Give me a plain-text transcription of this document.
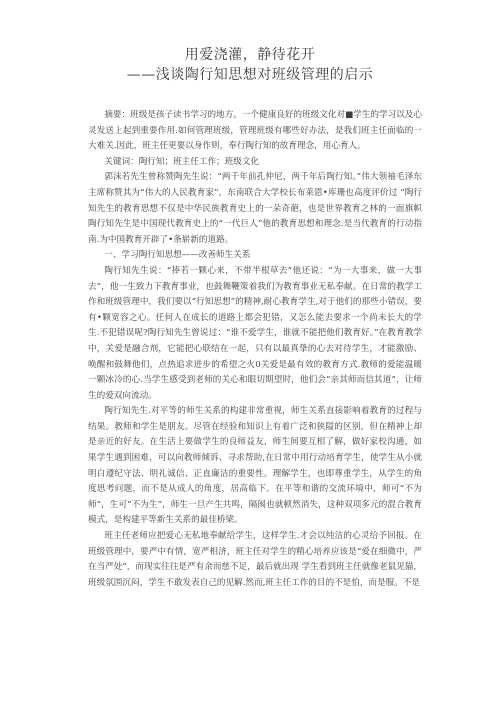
用爱浇灌，静待花开
——浅谈陶行知思想对班级管理的启示

摘要：班级是孩子读书学习的地方。一个健康良好的班级文化对■学生的学习以及心灵发送上起到重要作用.如何管理班级，管理班级有哪些好办法，是我们班主任面临的一大难关.因此，班主任更要以身作则，奉行陶行知的故育理念，用心育人。

关键词：陶行知；班主任工作；班级文化

郭沫若先生曾称赞陶先生说：“两千年前孔仲尼，两千年后陶行知。”伟大领袖毛泽东主席称赞其为“伟大的人民教育家”，东南联合大学校长布莱恩•库珊也高度评价过 “陶行知先生的教育思想不仅是中华民族教育史上的一朵奇葩，也是世界教育之林的一面旗帜陶行知先生是中国现代教育史上的“一代巨人”他的教育思想和理念.是当代教育的行动指南.为中国教育开辟了•条崭新的道路。

一、学习陶行知思想——改善师生关系

陶行知先生说：“捧若一颗心来，不带半根草去”他还说：“为一大事来，做一大事去”，他一生致力下教育事业，也鼓舞鞭策着我们为教育事业无私奉献。在日常的教学工作和班级管理中，我们要以“行知思想”的精神,耐心教育学生,对于他们的那些小错误，要有•颗宽容之心。任何人在成长的道路上都会犯错，又怎么能去要求一个尚未长大的学生.不犯错误呢?陶行知先生曾说过：“谁不爱学生，谁就不能把他们教育好。”在教育教学中，关爱是融合剂，它能把心联结在一起，只有以最真挚的心去对待学生，才能激励、唤醒和鼓舞他们，点热追求进步的希望之火0关爱是最有效的教育方式.教师的爱能温暖一颗冰冷的心.当学生感受到老师的关心和眼切期望时，他们会“亲其师而信其道”，让师生的爱双向流动。

陶行知先生.对平等的师生关系的构建非常重视，师生关系直接影响着教育的过程与结果。教师和学生是朋友。尽管在经验和知识上有着广泛和狭隘的区别，但在精神上却是亲近的好友。在生活上要做学生的良师益友，师生间要互相了解，做好家校沟通，如果学生遇到困难，可以向教师倾诉、寻求帮助,在日常中用行动培育学生，使学生从小就明白遵纪守法、明礼诚信、正直廉洁的重要性。理解学生，也即尊重学生，从学生的角度思考问题，而不是从成人的角度，居高临下。在平等和谐的交流环境中，师可“不为师”，生可“不为生”，师生一旦产生共鸣，隔阂也就顿然消失，这种双项多元的混合教育模式，是构建平等新生关系的最佳桥梁。

班主任老师应把爱心无私地奉献给学生，这样学生.才会以纯洁的心灵给予回报。在班级管理中，要严中有情，宽严相济，班主任对学生的精心培养应该是“爱在细微中，严在当严处”，而现实往往是严有余而慈不足，最后就出现 学生看到班主任就像老鼠见猫，班级氛围沉闷，学生不敢发表自己的见解.然而,班主任工作的目的不是怕，而是服。不是
